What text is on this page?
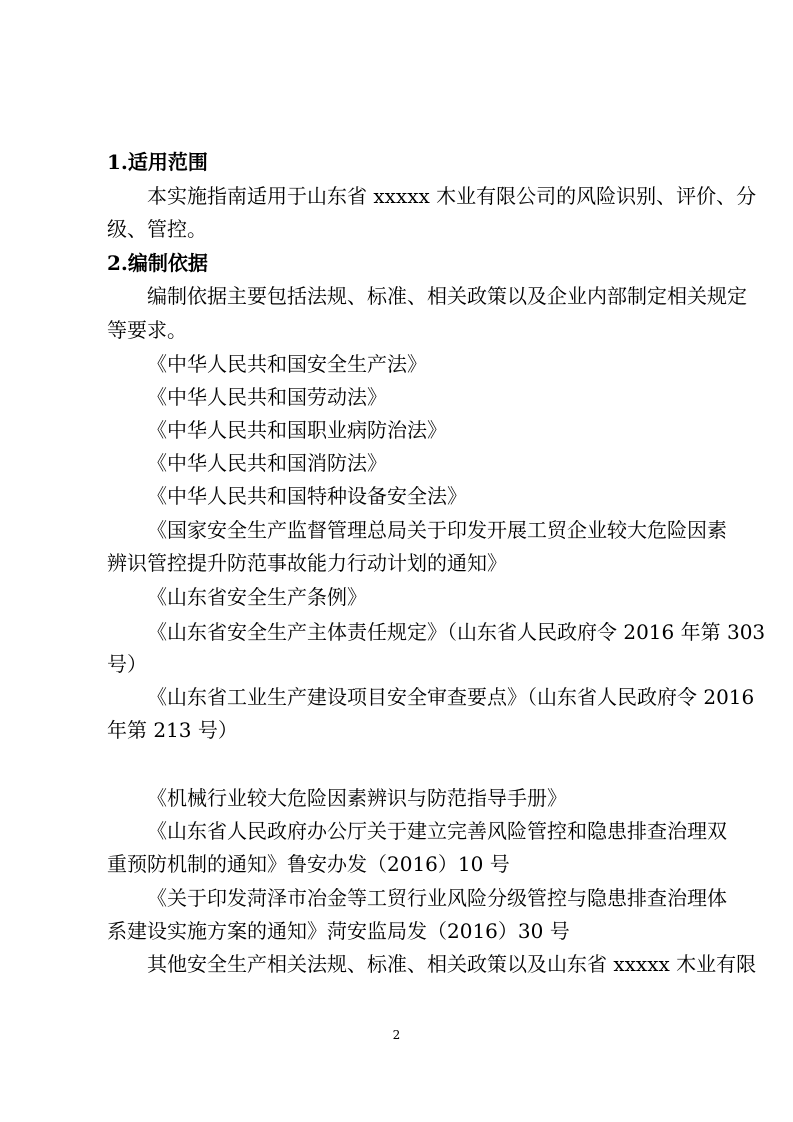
1.适用范围
本实施指南适用于山东省 xxxxx 木业有限公司的风险识别、评价、分
级、管控。
2.编制依据
编制依据主要包括法规、标准、相关政策以及企业内部制定相关规定
等要求。
《中华人民共和国安全生产法》
《中华人民共和国劳动法》
《中华人民共和国职业病防治法》
《中华人民共和国消防法》
《中华人民共和国特种设备安全法》
《国家安全生产监督管理总局关于印发开展工贸企业较大危险因素
辨识管控提升防范事故能力行动计划的通知》
《山东省安全生产条例》
《山东省安全生产主体责任规定》（山东省人民政府令 2016 年第 303
号）
《山东省工业生产建设项目安全审查要点》（山东省人民政府令 2016
年第 213 号）
《机械行业较大危险因素辨识与防范指导手册》
《山东省人民政府办公厅关于建立完善风险管控和隐患排查治理双
重预防机制的通知》鲁安办发（2016）10 号
《关于印发菏泽市冶金等工贸行业风险分级管控与隐患排查治理体
系建设实施方案的通知》菏安监局发（2016）30 号
其他安全生产相关法规、标准、相关政策以及山东省 xxxxx 木业有限
2
